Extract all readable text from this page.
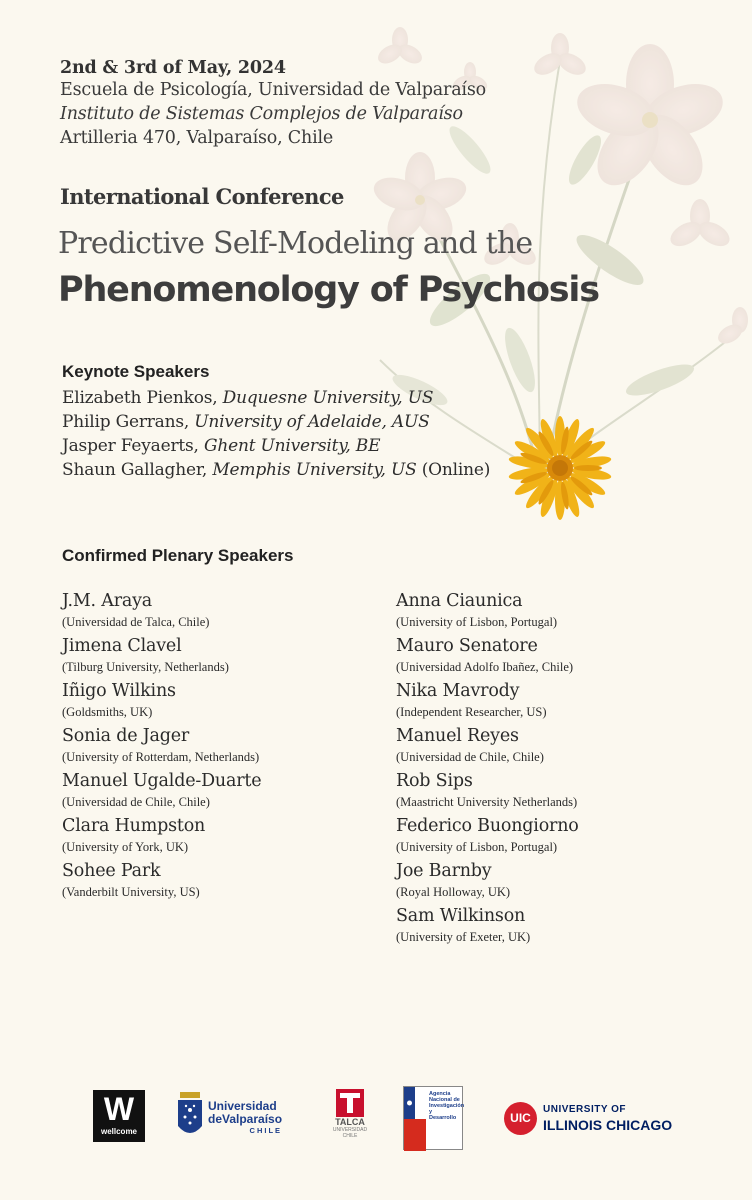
2nd & 3rd of May, 2024
Escuela de Psicología, Universidad de Valparaíso
Instituto de Sistemas Complejos de Valparaíso
Artilleria 470, Valparaíso, Chile
International Conference
Predictive Self-Modeling and the
Phenomenology of Psychosis
Keynote Speakers
Elizabeth Pienkos, Duquesne University, US
Philip Gerrans, University of Adelaide, AUS
Jasper Feyaerts, Ghent University, BE
Shaun Gallagher, Memphis University, US (Online)
Confirmed Plenary Speakers
J.M. Araya
(Universidad de Talca, Chile)
Jimena Clavel
(Tilburg University, Netherlands)
Iñigo Wilkins
(Goldsmiths, UK)
Sonia de Jager
(University of Rotterdam, Netherlands)
Manuel Ugalde-Duarte
(Universidad de Chile, Chile)
Clara Humpston
(University of York, UK)
Sohee Park
(Vanderbilt University, US)
Anna Ciaunica
(University of Lisbon, Portugal)
Mauro Senatore
(Universidad Adolfo Ibañez, Chile)
Nika Mavrody
(Independent Researcher, US)
Manuel Reyes
(Universidad de Chile, Chile)
Rob Sips
(Maastricht University Netherlands)
Federico Buongiorno
(University of Lisbon, Portugal)
Joe Barnby
(Royal Holloway, UK)
Sam Wilkinson
(University of Exeter, UK)
W
wellcome
Universidad
deValparaíso
CHILE
TALCA
UNIVERSIDAD
CHILE
Agencia Nacional de Investigación y Desarrollo	UIC
UNIVERSITY OF
ILLINOIS CHICAGO
